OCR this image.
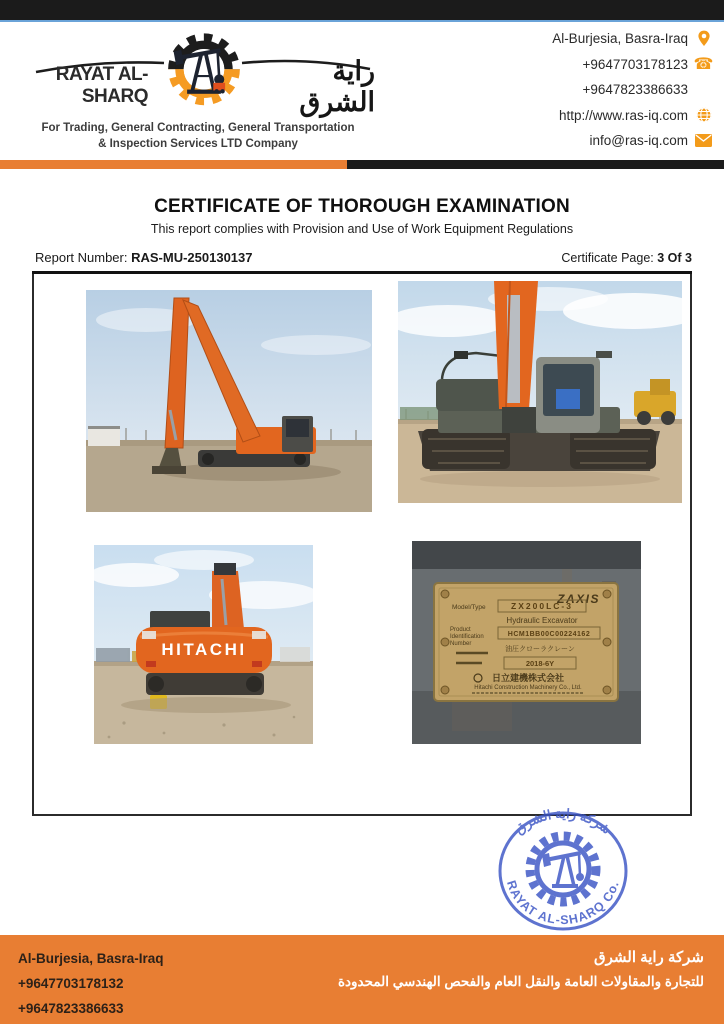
RAYAT AL-SHARQ
راية الشرق
For Trading, General Contracting, General Transportation
& Inspection Services LTD Company
Al-Burjesia, Basra-Iraq
+9647703178123 ☎
+9647823386633
http://www.ras-iq.com
info@ras-iq.com
CERTIFICATE OF THOROUGH EXAMINATION
This report complies with Provision and Use of Work Equipment Regulations
Report Number: RAS-MU-250130137	Certificate Page: 3 Of 3
HITACHI
ZAXIS
Model/Type	ZX200LC-3
Hydraulic Excavator
Product
Identification
Number
HCM1BB00C00224162
油圧クローラクレーン
2018-6Y
日立建機株式会社
Hitachi Construction Machinery Co., Ltd.
RAYAT AL-SHARQ Co.
شركة راية الشرق
Al-Burjesia, Basra-Iraq
+9647703178132
+9647823386633
شركة راية الشرق
للتجارة والمقاولات العامة والنقل العام والفحص الهندسي المحدودة
